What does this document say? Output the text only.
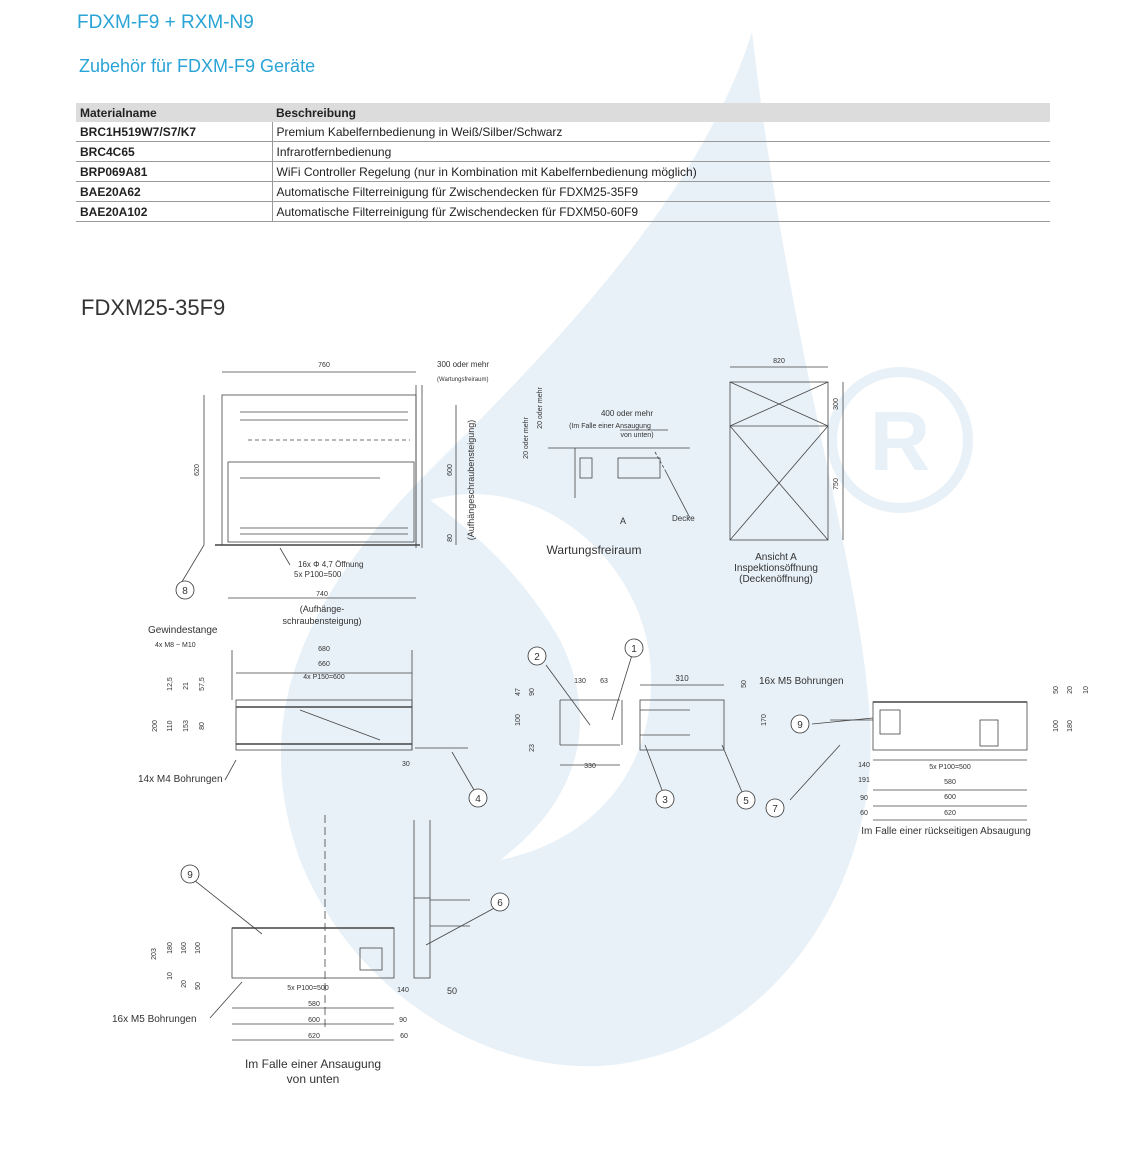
R
FDXM-F9 + RXM-N9
Zubehör für FDXM-F9 Geräte
Materialname	Beschreibung
BRC1H519W7/S7/K7	Premium Kabelfernbedienung in Weiß/Silber/Schwarz
BRC4C65	Infrarotfernbedienung
BRP069A81	WiFi Controller Regelung (nur in Kombination mit Kabelfernbedienung möglich)
BAE20A62	Automatische Filterreinigung für Zwischendecken für FDXM25-35F9
BAE20A102	Automatische Filterreinigung für Zwischendecken für FDXM50-60F9
FDXM25-35F9
8
4
2
1
3	5
9
7
9
6
760	300 oder mehr
(Wartungsfreiraum)
620	600
80 (Aufhängeschraubensteigung)
16x Φ 4,7 Öffnung
5x P100=500
740
(Aufhänge-
schraubensteigung)
20 oder mehr
20 oder mehr	400 oder mehr
(Im Falle einer Ansaugung
von unten)
Decke
A
Wartungsfreiraum
820
300
750
Ansicht A
Inspektionsöffnung
(Deckenöffnung)
Gewindestange
4x M8 ~ M10
680
660
4x P150=600
12,5 21 57,5
200 110 153 80
30
14x M4 Bohrungen
130 63
47 90
100
23
330
310
50
170
16x M5 Bohrungen
140
191
90
60
5x P100=500
580
600
620
50 20 10
100 180
Im Falle einer rückseitigen Absaugung
203
180 160 100
10
20 50	5x P100=500	140	50
580
600
620
90
60
16x M5 Bohrungen
Im Falle einer Ansaugung
von unten
